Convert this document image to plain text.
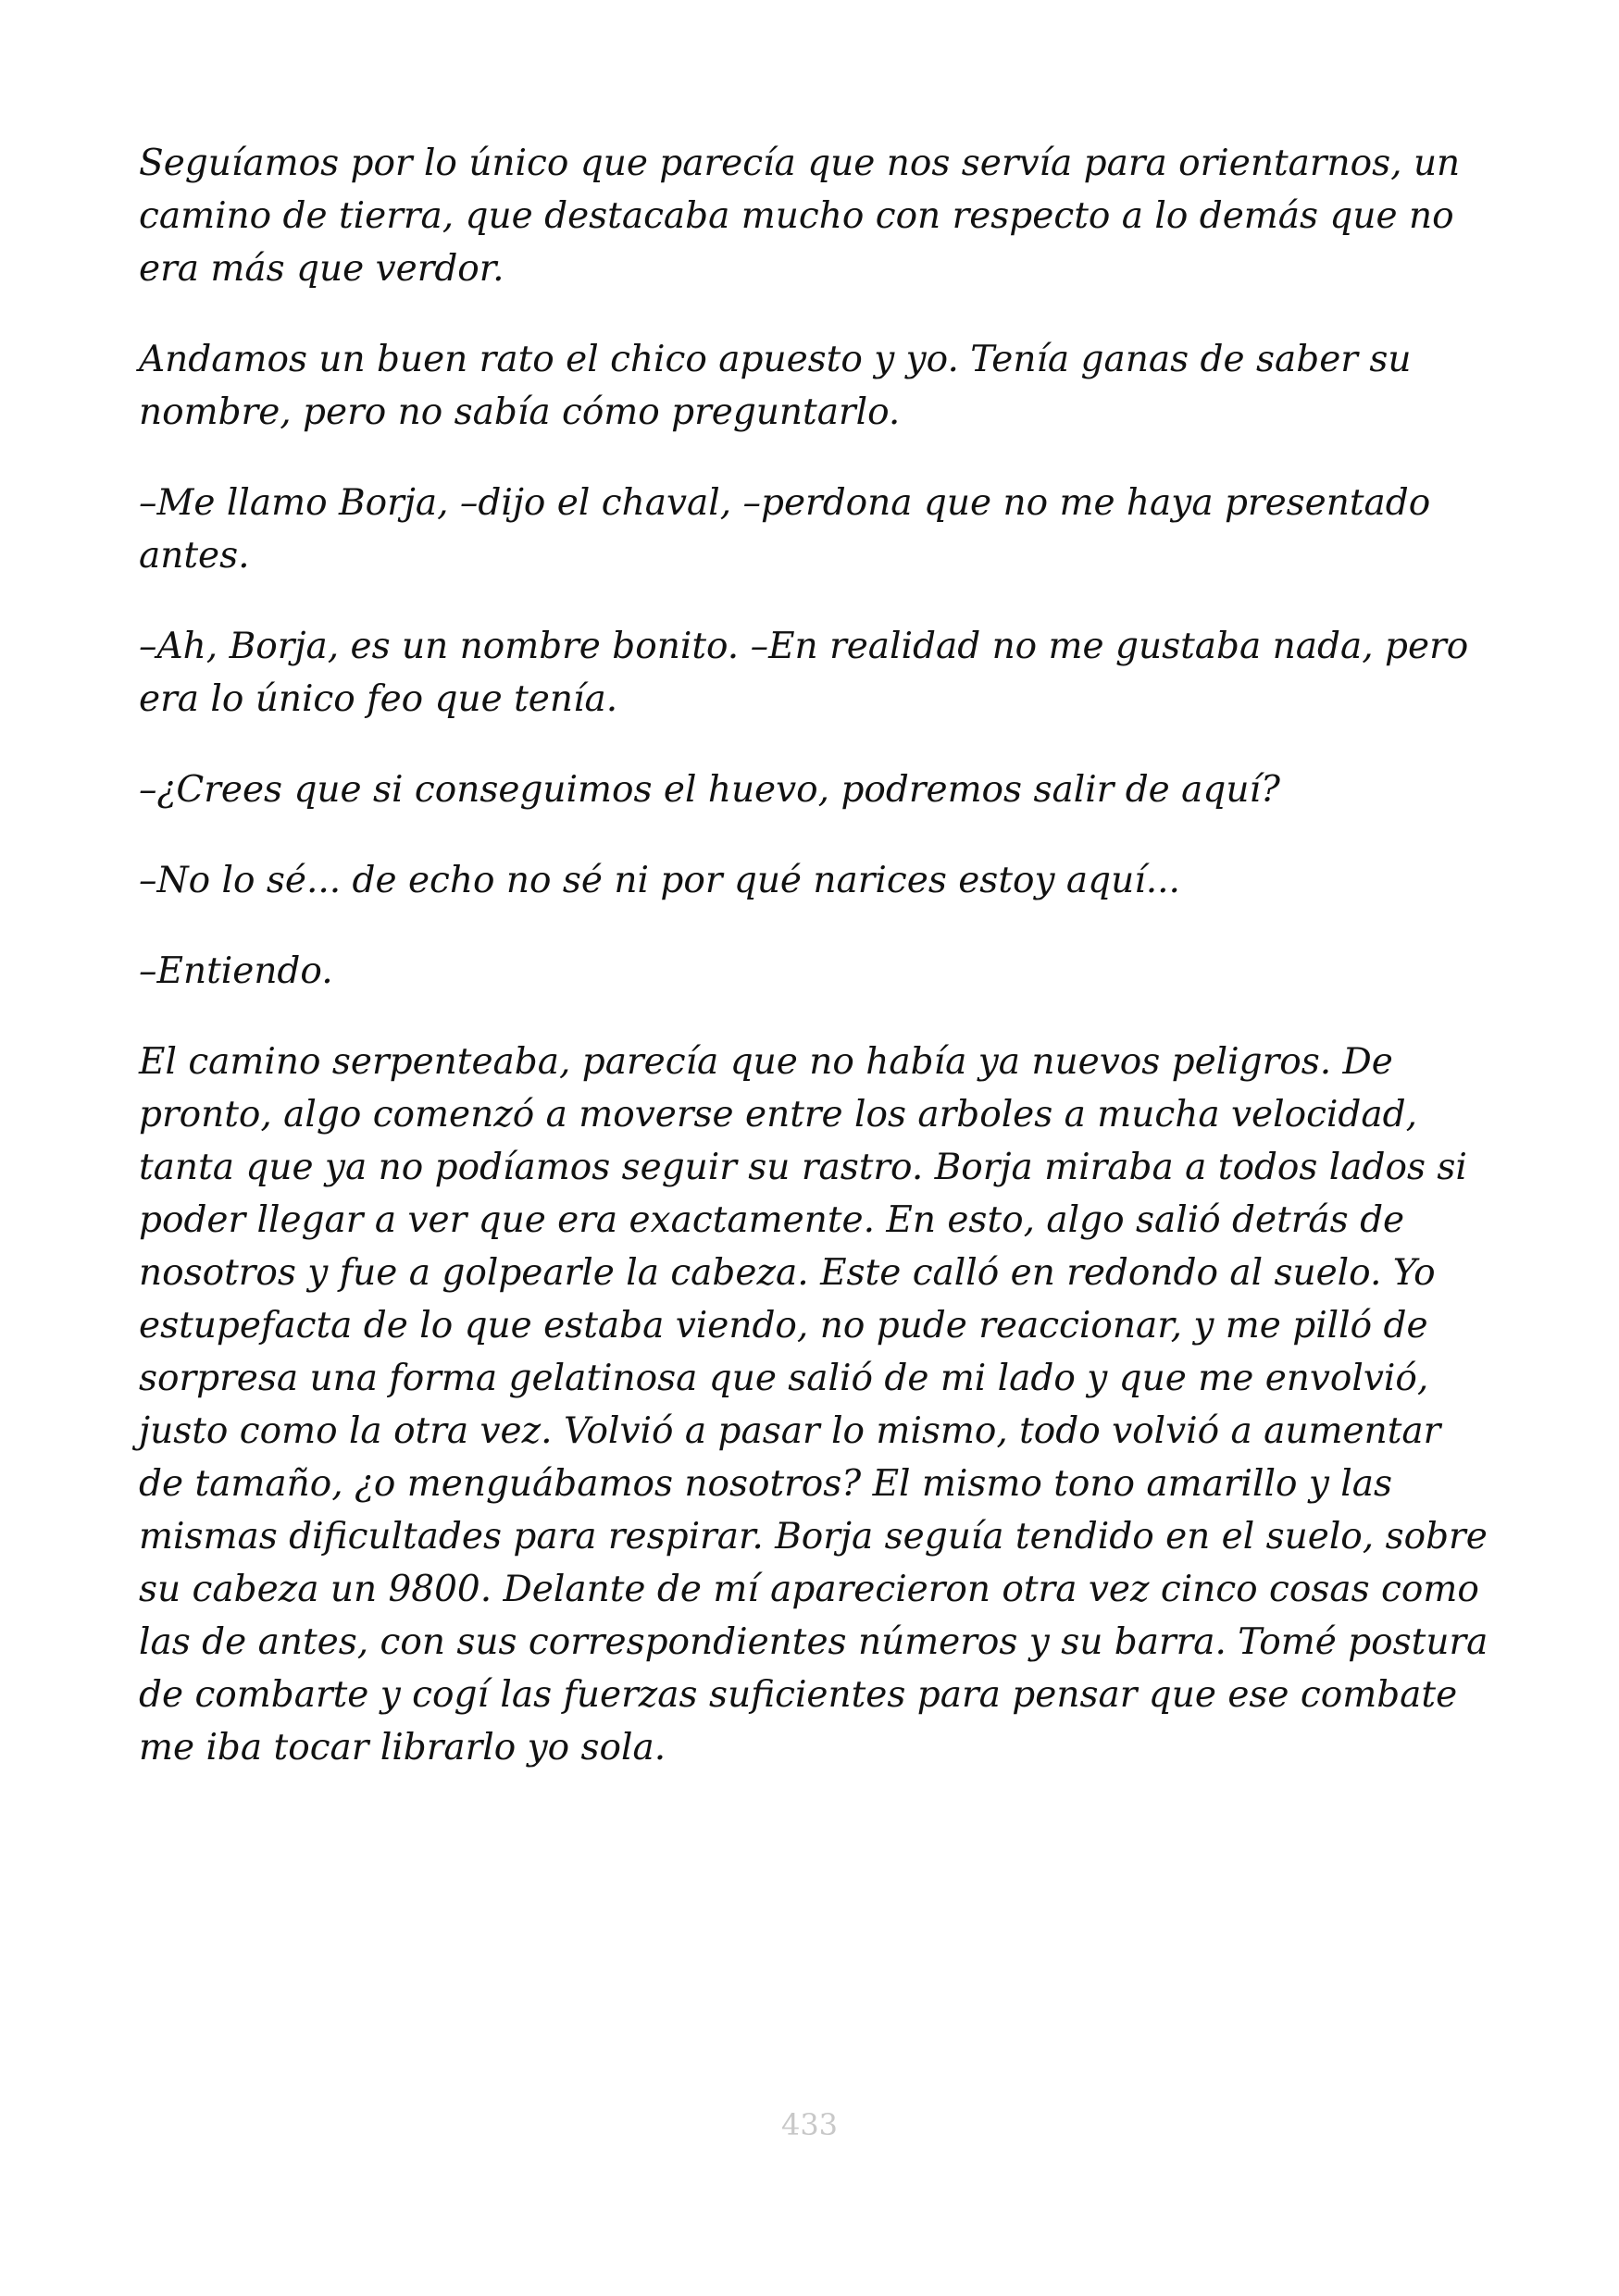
Seguíamos por lo único que parecía que nos servía para orientarnos, un camino de tierra, que destacaba mucho con respecto a lo demás que no era más que verdor.

Andamos un buen rato el chico apuesto y yo. Tenía ganas de saber su nombre, pero no sabía cómo preguntarlo.

–Me llamo Borja, –dijo el chaval, –perdona que no me haya presentado antes.

–Ah, Borja, es un nombre bonito. –En realidad no me gustaba nada, pero era lo único feo que tenía.

–¿Crees que si conseguimos el huevo, podremos salir de aquí?

–No lo sé... de echo no sé ni por qué narices estoy aquí...

–Entiendo.

El camino serpenteaba, parecía que no había ya nuevos peligros. De pronto, algo comenzó a moverse entre los arboles a mucha velocidad, tanta que ya no podíamos seguir su rastro. Borja miraba a todos lados si poder llegar a ver que era exactamente. En esto, algo salió detrás de nosotros y fue a golpearle la cabeza. Este calló en redondo al suelo. Yo estupefacta de lo que estaba viendo, no pude reaccionar, y me pilló de sorpresa una forma gelatinosa que salió de mi lado y que me envolvió, justo como la otra vez. Volvió a pasar lo mismo, todo volvió a aumentar de tamaño, ¿o menguábamos nosotros? El mismo tono amarillo y las mismas dificultades para respirar. Borja seguía tendido en el suelo, sobre su cabeza un 9800. Delante de mí aparecieron otra vez cinco cosas como las de antes, con sus correspondientes números y su barra. Tomé postura de combarte y cogí las fuerzas suficientes para pensar que ese combate me iba tocar librarlo yo sola.

433
